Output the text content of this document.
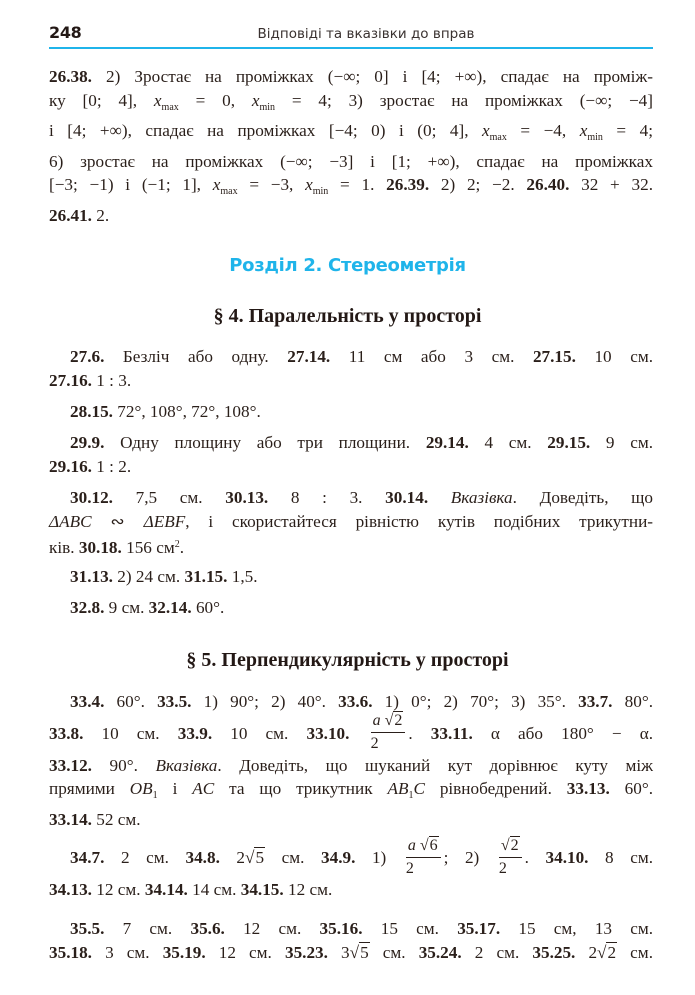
248	Відповіді та вказівки до вправ
26.38. 2) Зростає на проміжках (−∞; 0] і [4; +∞), спадає на проміж-
ку [0; 4], $x_{max} = 0$, $x_{min} = 4$; 3) зростає на проміжках (−∞; −4]
і [4; +∞), спадає на проміжках [−4; 0) і (0; 4], $x_{max} = -4$, $x_{min} = 4$;
6) зростає на проміжках (−∞; −3] і [1; +∞), спадає на проміжках
[−3; −1) і (−1; 1], $x_{max} = -3$, $x_{min} = 1$. 26.39. 2) 2; −2. 26.40. 32 + 32.
26.41. 2.
Розділ 2. Стереометрія
§ 4. Паралельність у просторі
27.6. Безліч або одну. 27.14. 11 см або 3 см. 27.15. 10 см.
27.16. 1 : 3.
28.15. 72°, 108°, 72°, 108°.
29.9. Одну площину або три площини. 29.14. 4 см. 29.15. 9 см.
29.16. 1 : 2.
30.12. 7,5 см. 30.13. 8 : 3. 30.14. Вказівка. Доведіть, що
ΔABC ∾ ΔEBF, і скористайтеся рівністю кутів подібних трикутни-
ків. 30.18. 156 $см^2$.
31.13. 2) 24 см. 31.15. 1,5.
32.8. 9 см. 32.14. 60°.
§ 5. Перпендикулярність у просторі
33.4. 60°. 33.5. 1) 90°; 2) 40°. 33.6. 1) 0°; 2) 70°; 3) 35°. 33.7. 80°.
33.8. 10 см. 33.9. 10 см. 33.10. $\frac{a √2}{2}$ . 33.11. α або 180° − α.
33.12. 90°. Вказівка. Доведіть, що шуканий кут дорівнює куту між
прямими $OB_1$ і AC та що трикутник $AB_1C$ рівнобедрений. 33.13. 60°.
33.14. 52 см.
34.7. 2 см. 34.8. 2√5 см. 34.9. $1) \frac{a √6}{2}$ ; $2) \frac{√2}{2}$ . 34.10. 8 см.
34.13. 12 см. 34.14. 14 см. 34.15. 12 см.
35.5. 7 см. 35.6. 12 см. 35.16. 15 см. 35.17. 15 см, 13 см.
35.18. 3 см. 35.19. 12 см. 35.23. 3√5 см. 35.24. 2 см. 35.25. 2√2 см.
